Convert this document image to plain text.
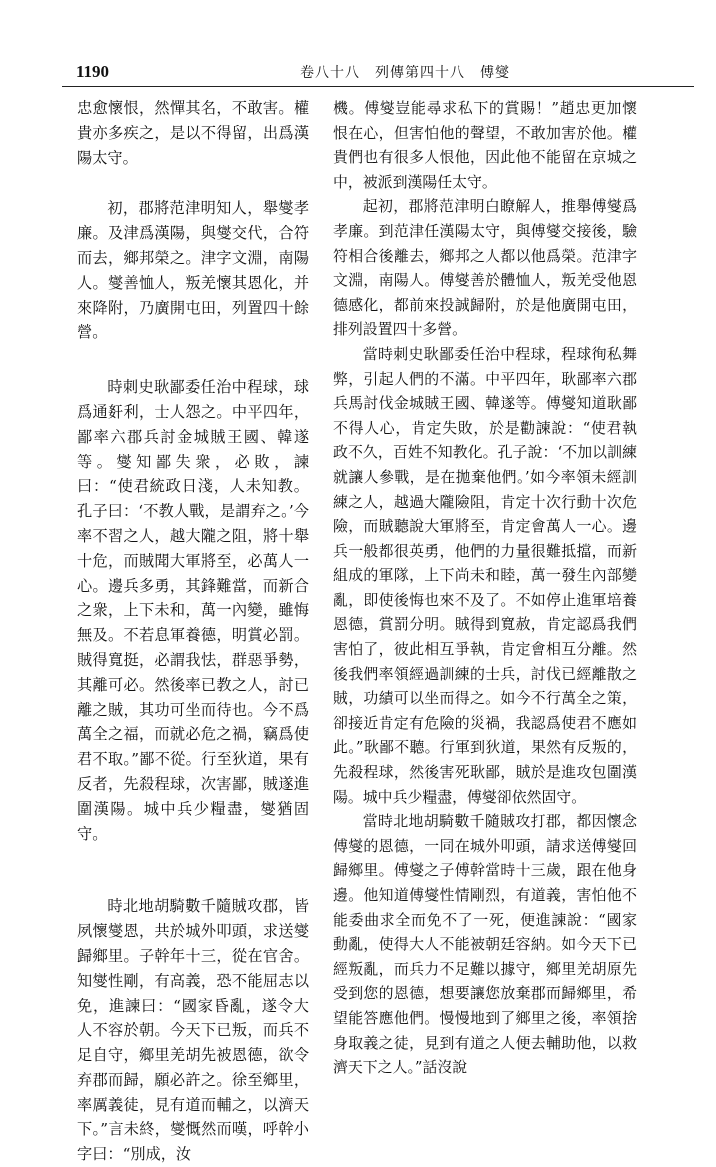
1190	卷八十八　列傳第四十八　傅燮

忠愈懷恨，然憚其名，不敢害。權貴亦多疾之，是以不得留，出爲漢陽太守。

初，郡將范津明知人，舉燮孝廉。及津爲漢陽，與燮交代，合符而去，鄉邦榮之。津字文淵，南陽人。燮善恤人，叛羌懷其恩化，并來降附，乃廣開屯田，列置四十餘營。

時刺史耿鄙委任治中程球，球爲通姧利，士人怨之。中平四年，鄙率六郡兵討金城賊王國、韓遂等。燮知鄙失衆，必敗，諫曰：“使君統政日淺，人未知教。孔子曰：‘不教人戰，是謂弃之。’今率不習之人，越大隴之阻，將十舉十危，而賊聞大軍將至，必萬人一心。邊兵多勇，其鋒難當，而新合之衆，上下未和，萬一內變，雖悔無及。不若息軍養德，明賞必罰。賊得寬挺，必謂我怯，群惡爭勢，其離可必。然後率已教之人，討已離之賊，其功可坐而待也。今不爲萬全之福，而就必危之禍，竊爲使君不取。”鄙不從。行至狄道，果有反者，先殺程球，次害鄙，賊遂進圍漢陽。城中兵少糧盡，燮猶固守。

時北地胡騎數千隨賊攻郡，皆夙懷燮恩，共於城外叩頭，求送燮歸鄉里。子幹年十三，從在官舍。知燮性剛，有高義，恐不能屈志以免，進諫曰：“國家昏亂，遂令大人不容於朝。今天下已叛，而兵不足自守，鄉里羌胡先被恩德，欲令弃郡而歸，願必許之。徐至鄉里，率厲義徒，見有道而輔之，以濟天下。”言未終，燮慨然而嘆，呼幹小字曰：“別成，汝

機。傅燮豈能尋求私下的賞賜！”趙忠更加懷恨在心，但害怕他的聲望，不敢加害於他。權貴們也有很多人恨他，因此他不能留在京城之中，被派到漢陽任太守。

起初，郡將范津明白瞭解人，推舉傅燮爲孝廉。到范津任漢陽太守，與傅燮交接後，驗符相合後離去，鄉邦之人都以他爲榮。范津字文淵，南陽人。傅燮善於體恤人，叛羌受他恩德感化，都前來投誠歸附，於是他廣開屯田，排列設置四十多營。

當時刺史耿鄙委任治中程球，程球徇私舞弊，引起人們的不滿。中平四年，耿鄙率六郡兵馬討伐金城賊王國、韓遂等。傅燮知道耿鄙不得人心，肯定失敗，於是勸諫說：“使君執政不久，百姓不知教化。孔子說：‘不加以訓練就讓人參戰，是在拋棄他們。’如今率領未經訓練之人，越過大隴險阻，肯定十次行動十次危險，而賊聽說大軍將至，肯定會萬人一心。邊兵一般都很英勇，他們的力量很難抵擋，而新組成的軍隊，上下尚未和睦，萬一發生內部變亂，即使後悔也來不及了。不如停止進軍培養恩德，賞罰分明。賊得到寬赦，肯定認爲我們害怕了，彼此相互爭執，肯定會相互分離。然後我們率領經過訓練的士兵，討伐已經離散之賊，功績可以坐而得之。如今不行萬全之策，卻接近肯定有危險的災禍，我認爲使君不應如此。”耿鄙不聽。行軍到狄道，果然有反叛的，先殺程球，然後害死耿鄙，賊於是進攻包圍漢陽。城中兵少糧盡，傅燮卻依然固守。

當時北地胡騎數千隨賊攻打郡，都因懷念傅燮的恩德，一同在城外叩頭，請求送傅燮回歸鄉里。傅燮之子傅幹當時十三歲，跟在他身邊。他知道傅燮性情剛烈，有道義，害怕他不能委曲求全而免不了一死，便進諫說：“國家動亂，使得大人不能被朝廷容納。如今天下已經叛亂，而兵力不足難以據守，鄉里羌胡原先受到您的恩德，想要讓您放棄郡而歸鄉里，希望能答應他們。慢慢地到了鄉里之後，率領捨身取義之徒，見到有道之人便去輔助他，以救濟天下之人。”話沒說
